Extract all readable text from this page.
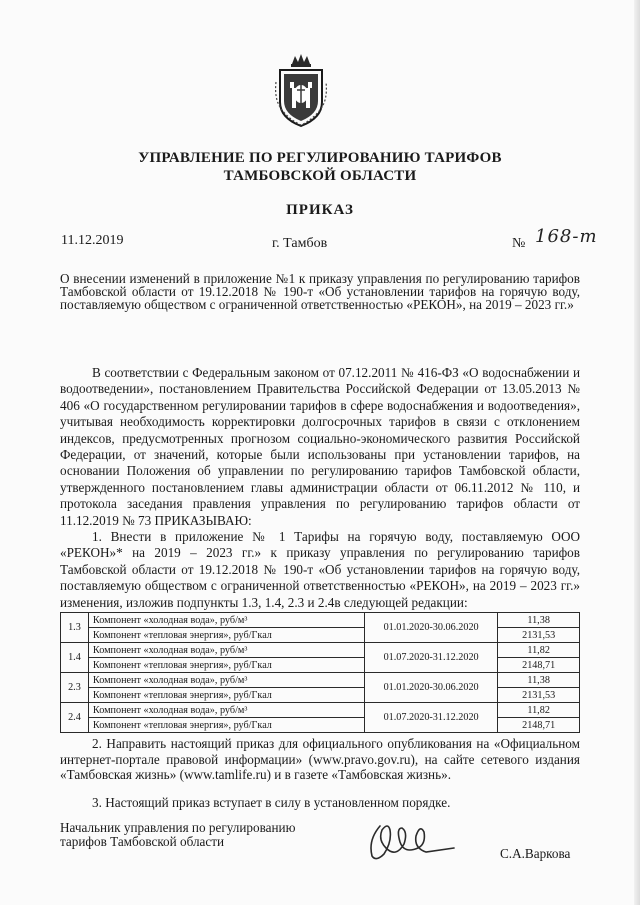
УПРАВЛЕНИЕ ПО РЕГУЛИРОВАНИЮ ТАРИФОВ
ТАМБОВСКОЙ ОБЛАСТИ
ПРИКАЗ
11.12.2019	г. Тамбов	№ 168-т
О внесении изменений в приложение №1 к приказу управления по регулированию тарифов Тамбовской области от 19.12.2018 № 190-т «Об установлении тарифов на горячую воду, поставляемую обществом с ограниченной ответственностью «РЕКОН», на 2019 – 2023 гг.»

В соответствии с Федеральным законом от 07.12.2011 № 416-ФЗ «О водоснабжении и водоотведении», постановлением Правительства Российской Федерации от 13.05.2013 № 406 «О государственном регулировании тарифов в сфере водоснабжения и водоотведения», учитывая необходимость корректировки долгосрочных тарифов в связи с отклонением индексов, предусмотренных прогнозом социально-экономического развития Российской Федерации, от значений, которые были использованы при установлении тарифов, на основании Положения об управлении по регулированию тарифов Тамбовской области, утвержденного постановлением главы администрации области от 06.11.2012 № 110, и протокола заседания правления управления по регулированию тарифов области от 11.12.2019 № 73 ПРИКАЗЫВАЮ:

1. Внести в приложение № 1 Тарифы на горячую воду, поставляемую ООО «РЕКОН»* на 2019 – 2023 гг.» к приказу управления по регулированию тарифов Тамбовской области от 19.12.2018 № 190-т «Об установлении тарифов на горячую воду, поставляемую обществом с ограниченной ответственностью «РЕКОН», на 2019 – 2023 гг.» изменения, изложив подпункты 1.3, 1.4, 2.3 и 2.4в следующей редакции:

1.3	Компонент «холодная вода», руб/м³	01.01.2020-30.06.2020	11,38
	Компонент «тепловая энергия», руб/Гкал		2131,53
1.4	Компонент «холодная вода», руб/м³	01.07.2020-31.12.2020	11,82
	Компонент «тепловая энергия», руб/Гкал		2148,71
2.3	Компонент «холодная вода», руб/м³	01.01.2020-30.06.2020	11,38
	Компонент «тепловая энергия», руб/Гкал		2131,53
2.4	Компонент «холодная вода», руб/м³	01.07.2020-31.12.2020	11,82
	Компонент «тепловая энергия», руб/Гкал		2148,71

2. Направить настоящий приказ для официального опубликования на «Официальном интернет-портале правовой информации» (www.pravo.gov.ru), на сайте сетевого издания «Тамбовская жизнь» (www.tamlife.ru) и в газете «Тамбовская жизнь».

3. Настоящий приказ вступает в силу в установленном порядке.

Начальник управления по регулированию
тарифов Тамбовской области
С.А.Варкова
